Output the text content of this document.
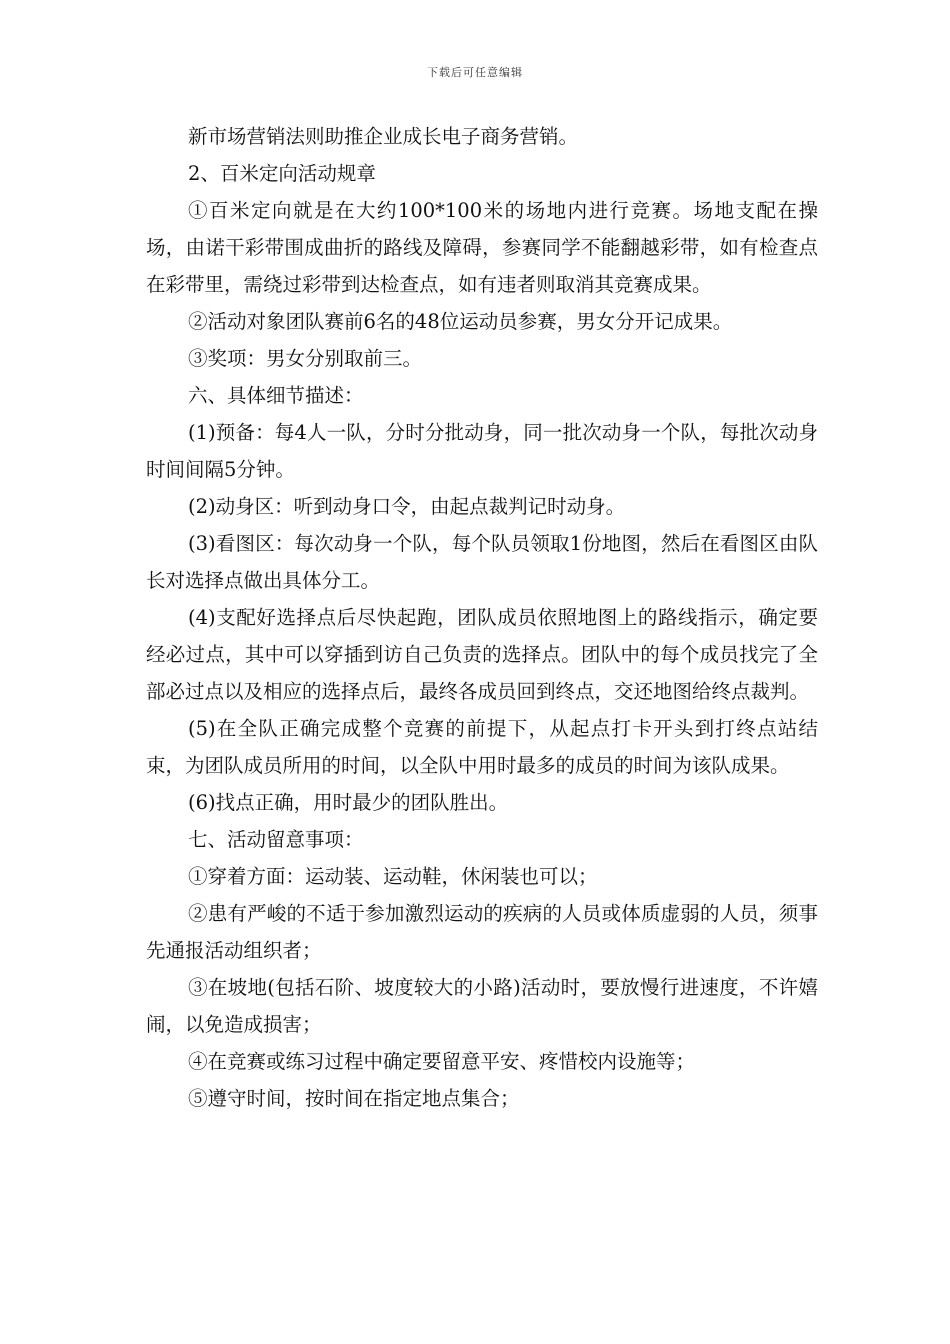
下载后可任意编辑

新市场营销法则助推企业成长电子商务营销。

2、百米定向活动规章

①百米定向就是在大约100*100米的场地内进行竞赛。场地支配在操场，由诺干彩带围成曲折的路线及障碍，参赛同学不能翻越彩带，如有检查点在彩带里，需绕过彩带到达检查点，如有违者则取消其竞赛成果。

②活动对象团队赛前6名的48位运动员参赛，男女分开记成果。

③奖项：男女分别取前三。

六、具体细节描述：

(1)预备：每4人一队，分时分批动身，同一批次动身一个队，每批次动身时间间隔5分钟。

(2)动身区：听到动身口令，由起点裁判记时动身。

(3)看图区：每次动身一个队，每个队员领取1份地图，然后在看图区由队长对选择点做出具体分工。

(4)支配好选择点后尽快起跑，团队成员依照地图上的路线指示，确定要经必过点，其中可以穿插到访自己负责的选择点。团队中的每个成员找完了全部必过点以及相应的选择点后，最终各成员回到终点，交还地图给终点裁判。

(5)在全队正确完成整个竞赛的前提下，从起点打卡开头到打终点站结束，为团队成员所用的时间，以全队中用时最多的成员的时间为该队成果。

(6)找点正确，用时最少的团队胜出。

七、活动留意事项：

①穿着方面：运动装、运动鞋，休闲装也可以；

②患有严峻的不适于参加激烈运动的疾病的人员或体质虚弱的人员，须事先通报活动组织者；

③在坡地(包括石阶、坡度较大的小路)活动时，要放慢行进速度，不许嬉闹，以免造成损害；

④在竞赛或练习过程中确定要留意平安、疼惜校内设施等；

⑤遵守时间，按时间在指定地点集合；
